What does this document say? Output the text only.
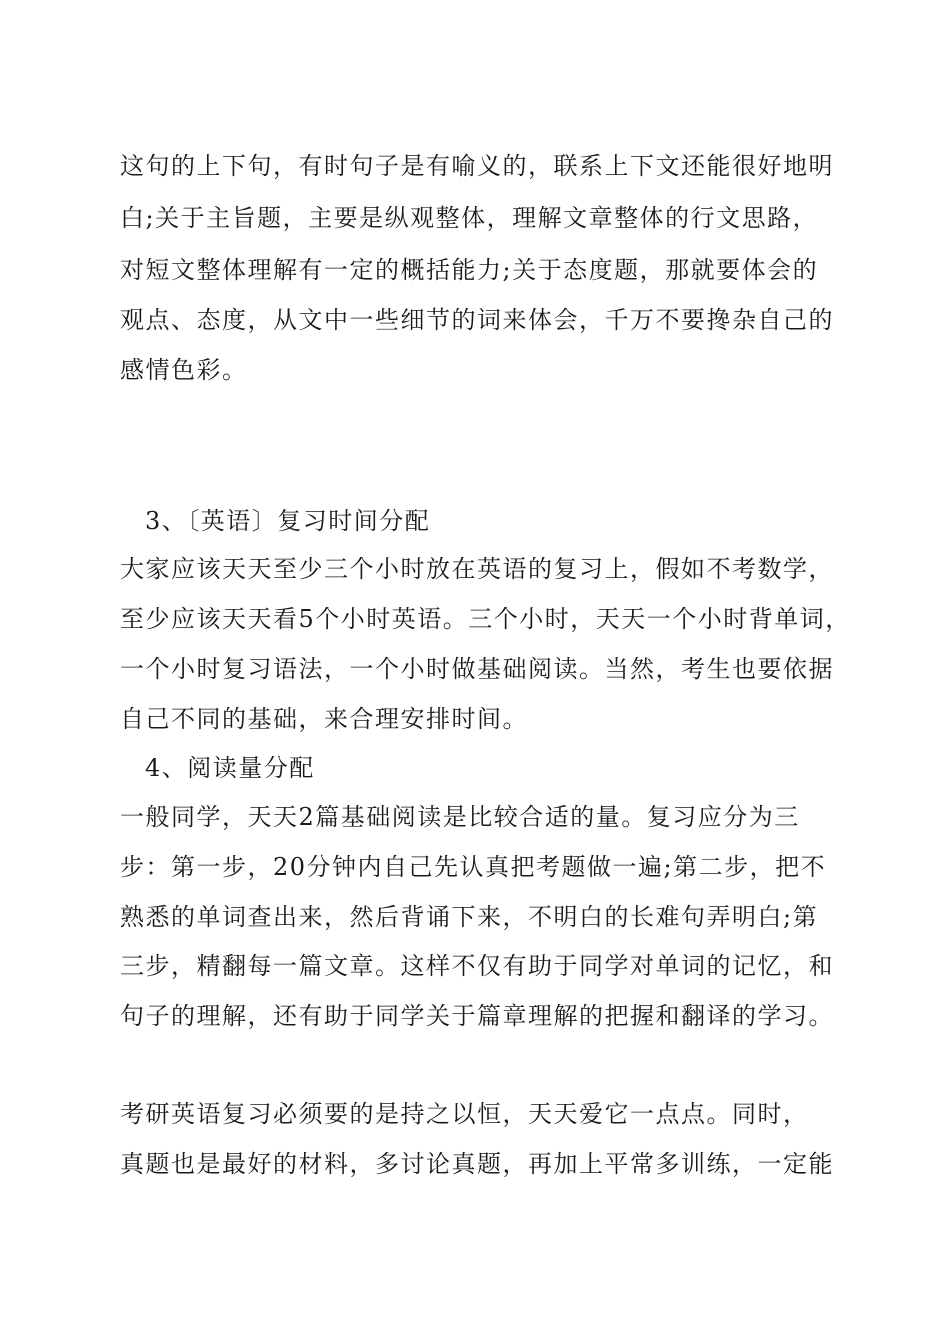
这句的上下句，有时句子是有喻义的，联系上下文还能很好地明
白;关于主旨题，主要是纵观整体，理解文章整体的行文思路，
对短文整体理解有一定的概括能力;关于态度题，那就要体会的
观点、态度，从文中一些细节的词来体会，千万不要搀杂自己的
感情色彩。
3、〔英语〕复习时间分配
大家应该天天至少三个小时放在英语的复习上，假如不考数学，
至少应该天天看5个小时英语。三个小时，天天一个小时背单词，
一个小时复习语法，一个小时做基础阅读。当然，考生也要依据
自己不同的基础，来合理安排时间。
4、阅读量分配
一般同学，天天2篇基础阅读是比较合适的量。复习应分为三
步：第一步，20分钟内自己先认真把考题做一遍;第二步，把不
熟悉的单词查出来，然后背诵下来，不明白的长难句弄明白;第
三步，精翻每一篇文章。这样不仅有助于同学对单词的记忆，和
句子的理解，还有助于同学关于篇章理解的把握和翻译的学习。
考研英语复习必须要的是持之以恒，天天爱它一点点。同时，
真题也是最好的材料，多讨论真题，再加上平常多训练，一定能
